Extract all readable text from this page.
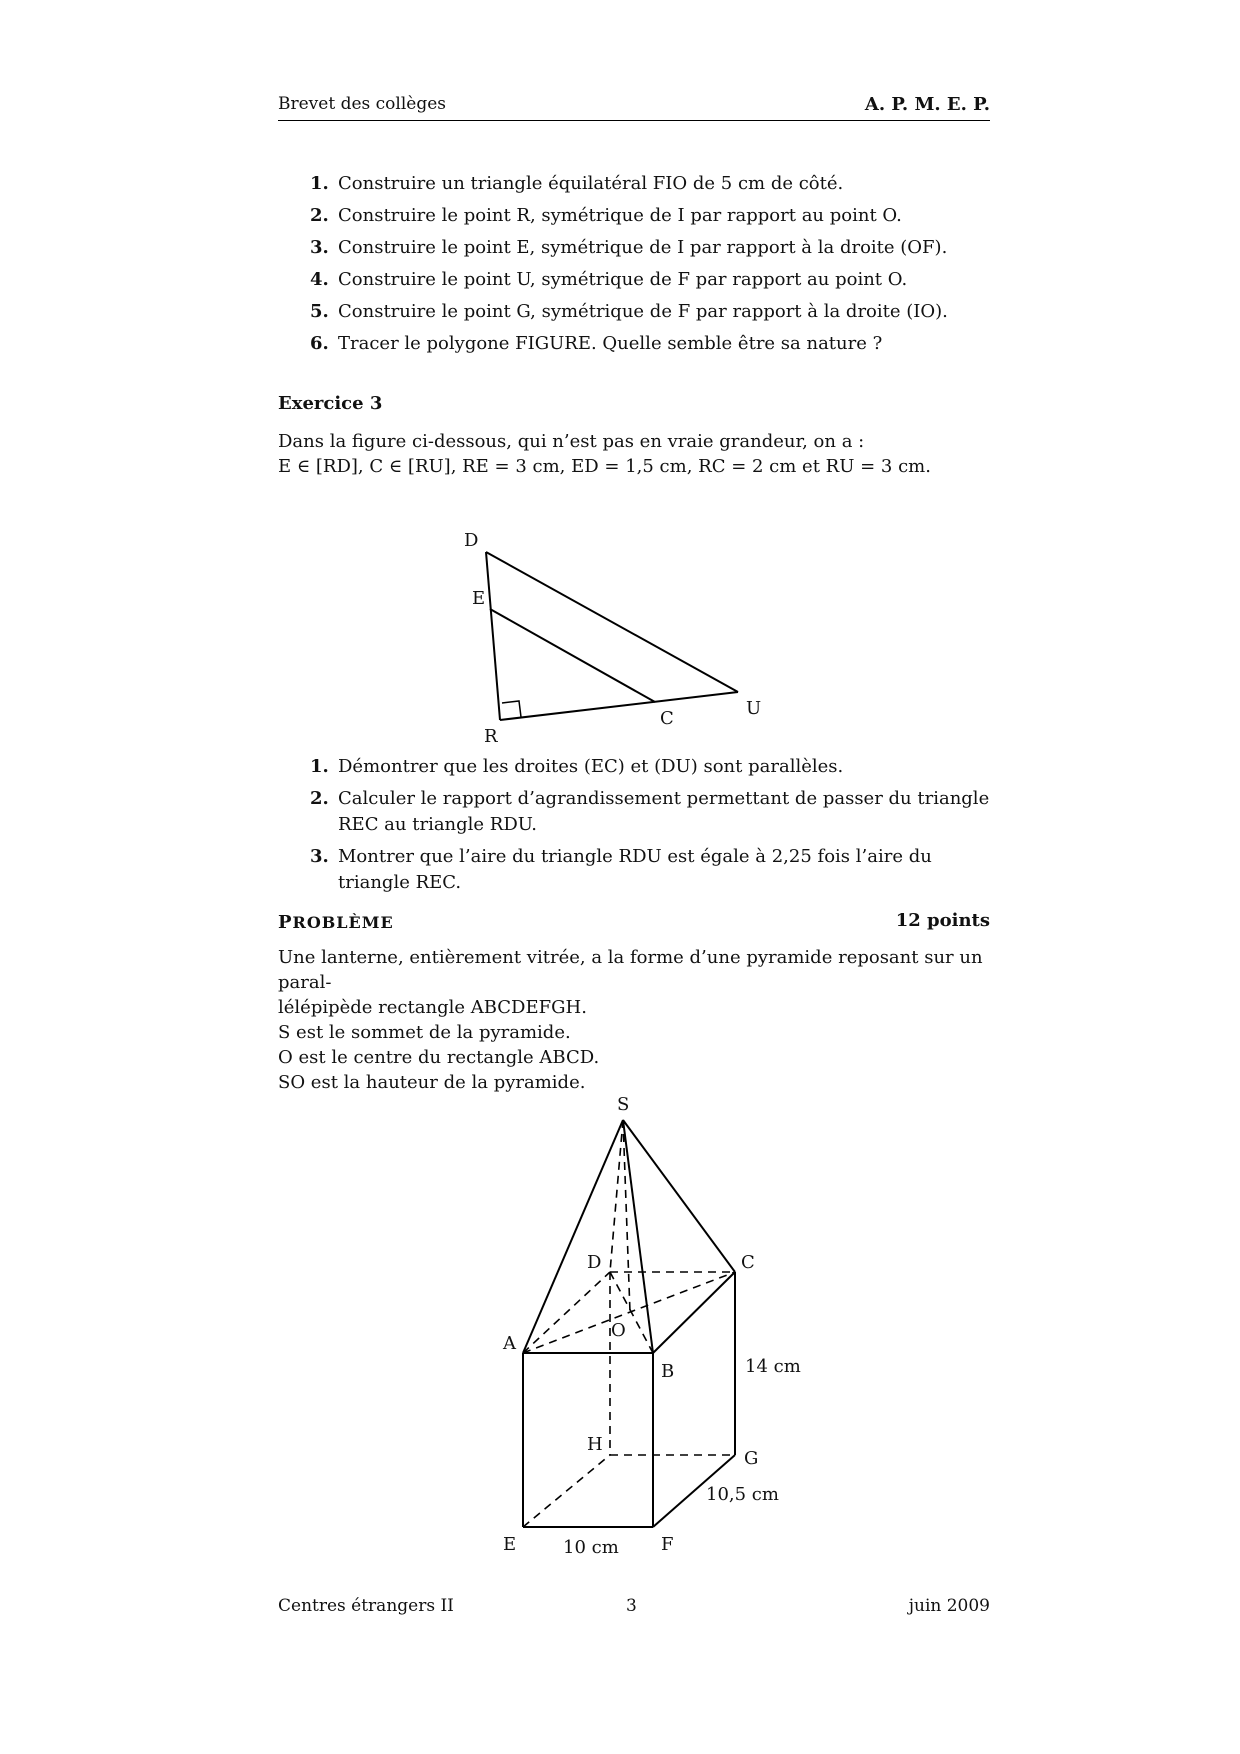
Brevet des collèges	A. P. M. E. P.
1. Construire un triangle équilatéral FIO de 5 cm de côté.
2. Construire le point R, symétrique de I par rapport au point O.
3. Construire le point E, symétrique de I par rapport à la droite (OF).
4. Construire le point U, symétrique de F par rapport au point O.
5. Construire le point G, symétrique de F par rapport à la droite (IO).
6. Tracer le polygone FIGURE. Quelle semble être sa nature ?
Exercice 3
Dans la figure ci-dessous, qui n’est pas en vraie grandeur, on a :
E ∈ [RD], C ∈ [RU], RE = 3 cm, ED = 1,5 cm, RC = 2 cm et RU = 3 cm.
D
E
R
C	U
1. Démontrer que les droites (EC) et (DU) sont parallèles.
2. Calculer le rapport d’agrandissement permettant de passer du triangle REC au triangle RDU.
3. Montrer que l’aire du triangle RDU est égale à 2,25 fois l’aire du triangle REC.
PROBLÈME	12 points
Une lanterne, entièrement vitrée, a la forme d’une pyramide reposant sur un paral-
lélépipède rectangle ABCDEFGH.
S est le sommet de la pyramide.
O est le centre du rectangle ABCD.
SO est la hauteur de la pyramide.
S
D	C
O
A
B
H
G
E	F
14 cm
10,5 cm
10 cm
Centres étrangers II	3	juin 2009
